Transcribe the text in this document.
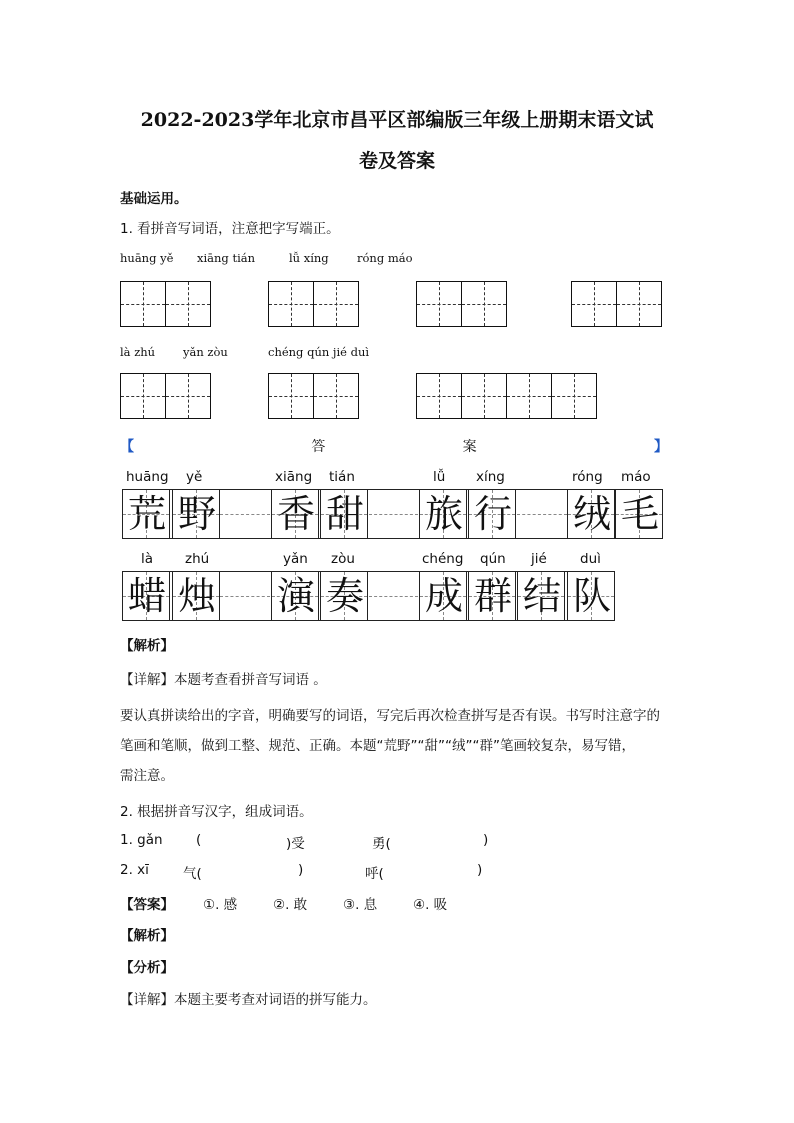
2022-2023学年北京市昌平区部编版三年级上册期末语文试
卷及答案
基础运用。
1. 看拼音写词语，注意把字写端正。
huāng yě xiāng tián	lǚ xíng róng máo
là zhú yǎn zòu	chéng qún jié duì
【	答	案	】
荒 野 香 甜 旅 行 绒 毛
huāng yě	xiāng tián	lǚ xíng	róng máo
蜡 烛 演 奏 成 群 结 队
là zhú	yǎn zòu	chéng qún jié duì
【解析】
【详解】本题考查看拼音写词语 。
要认真拼读给出的字音，明确要写的词语，写完后再次检查拼写是否有误。书写时注意字的
笔画和笔顺，做到工整、规范、正确。本题“荒野”“甜”“绒”“群”笔画较复杂，易写错，
需注意。
2. 根据拼音写汉字，组成词语。
1. gǎn (	)受	勇(	)
2. xī	气(	)	呼(	)
【答案】 ①. 感	②. 敢	③. 息	④. 吸
【解析】
【分析】
【详解】本题主要考查对词语的拼写能力。
